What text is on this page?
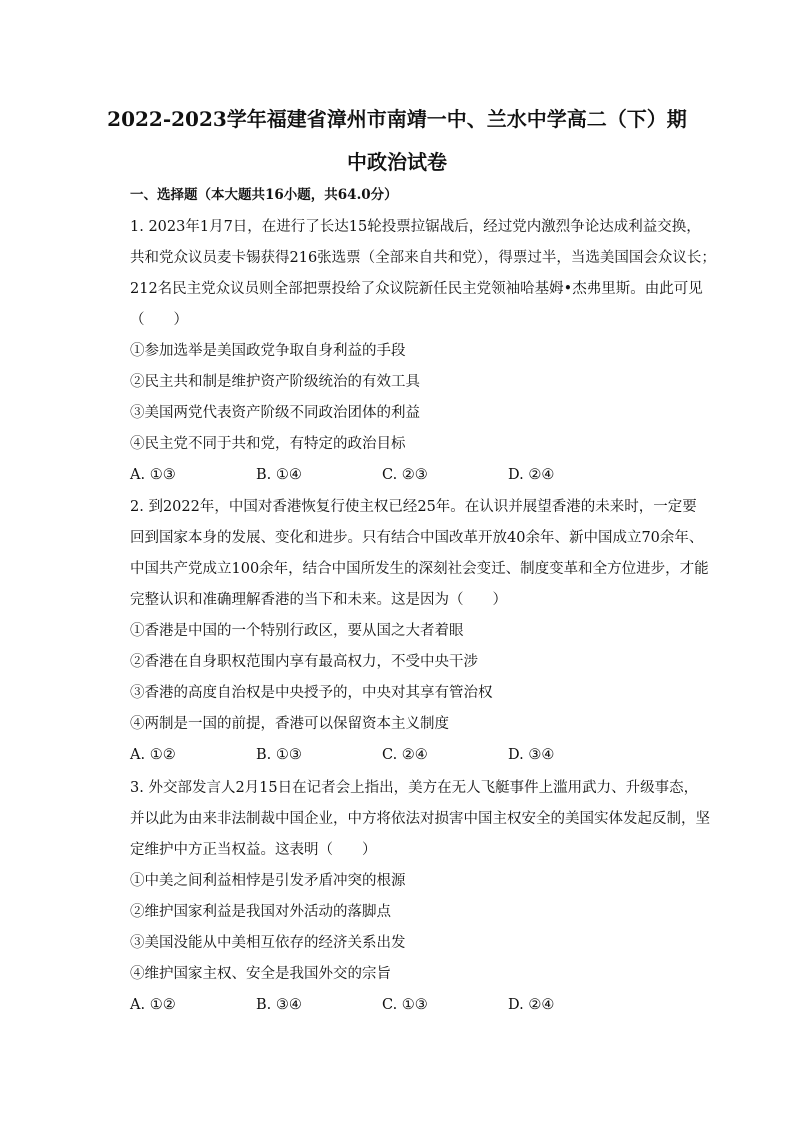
2022-2023学年福建省漳州市南靖一中、兰水中学高二（下）期
中政治试卷
一、选择题（本大题共16小题，共64.0分）
1. 2023年1月7日，在进行了长达15轮投票拉锯战后，经过党内激烈争论达成利益交换，
共和党众议员麦卡锡获得216张选票（全部来自共和党），得票过半，当选美国国会众议长；
212名民主党众议员则全部把票投给了众议院新任民主党领袖哈基姆•杰弗里斯。由此可见
（　　）
①参加选举是美国政党争取自身利益的手段
②民主共和制是维护资产阶级统治的有效工具
③美国两党代表资产阶级不同政治团体的利益
④民主党不同于共和党，有特定的政治目标
A. ①③	B. ①④	C. ②③	D. ②④
2. 到2022年，中国对香港恢复行使主权已经25年。在认识并展望香港的未来时，一定要
回到国家本身的发展、变化和进步。只有结合中国改革开放40余年、新中国成立70余年、
中国共产党成立100余年，结合中国所发生的深刻社会变迁、制度变革和全方位进步，才能
完整认识和准确理解香港的当下和未来。这是因为（　　）
①香港是中国的一个特别行政区，要从国之大者着眼
②香港在自身职权范围内享有最高权力，不受中央干涉
③香港的高度自治权是中央授予的，中央对其享有管治权
④两制是一国的前提，香港可以保留资本主义制度
A. ①②	B. ①③	C. ②④	D. ③④
3. 外交部发言人2月15日在记者会上指出，美方在无人飞艇事件上滥用武力、升级事态，
并以此为由来非法制裁中国企业，中方将依法对损害中国主权安全的美国实体发起反制，坚
定维护中方正当权益。这表明（　　）
①中美之间利益相悖是引发矛盾冲突的根源
②维护国家利益是我国对外活动的落脚点
③美国没能从中美相互依存的经济关系出发
④维护国家主权、安全是我国外交的宗旨
A. ①②	B. ③④	C. ①③	D. ②④
